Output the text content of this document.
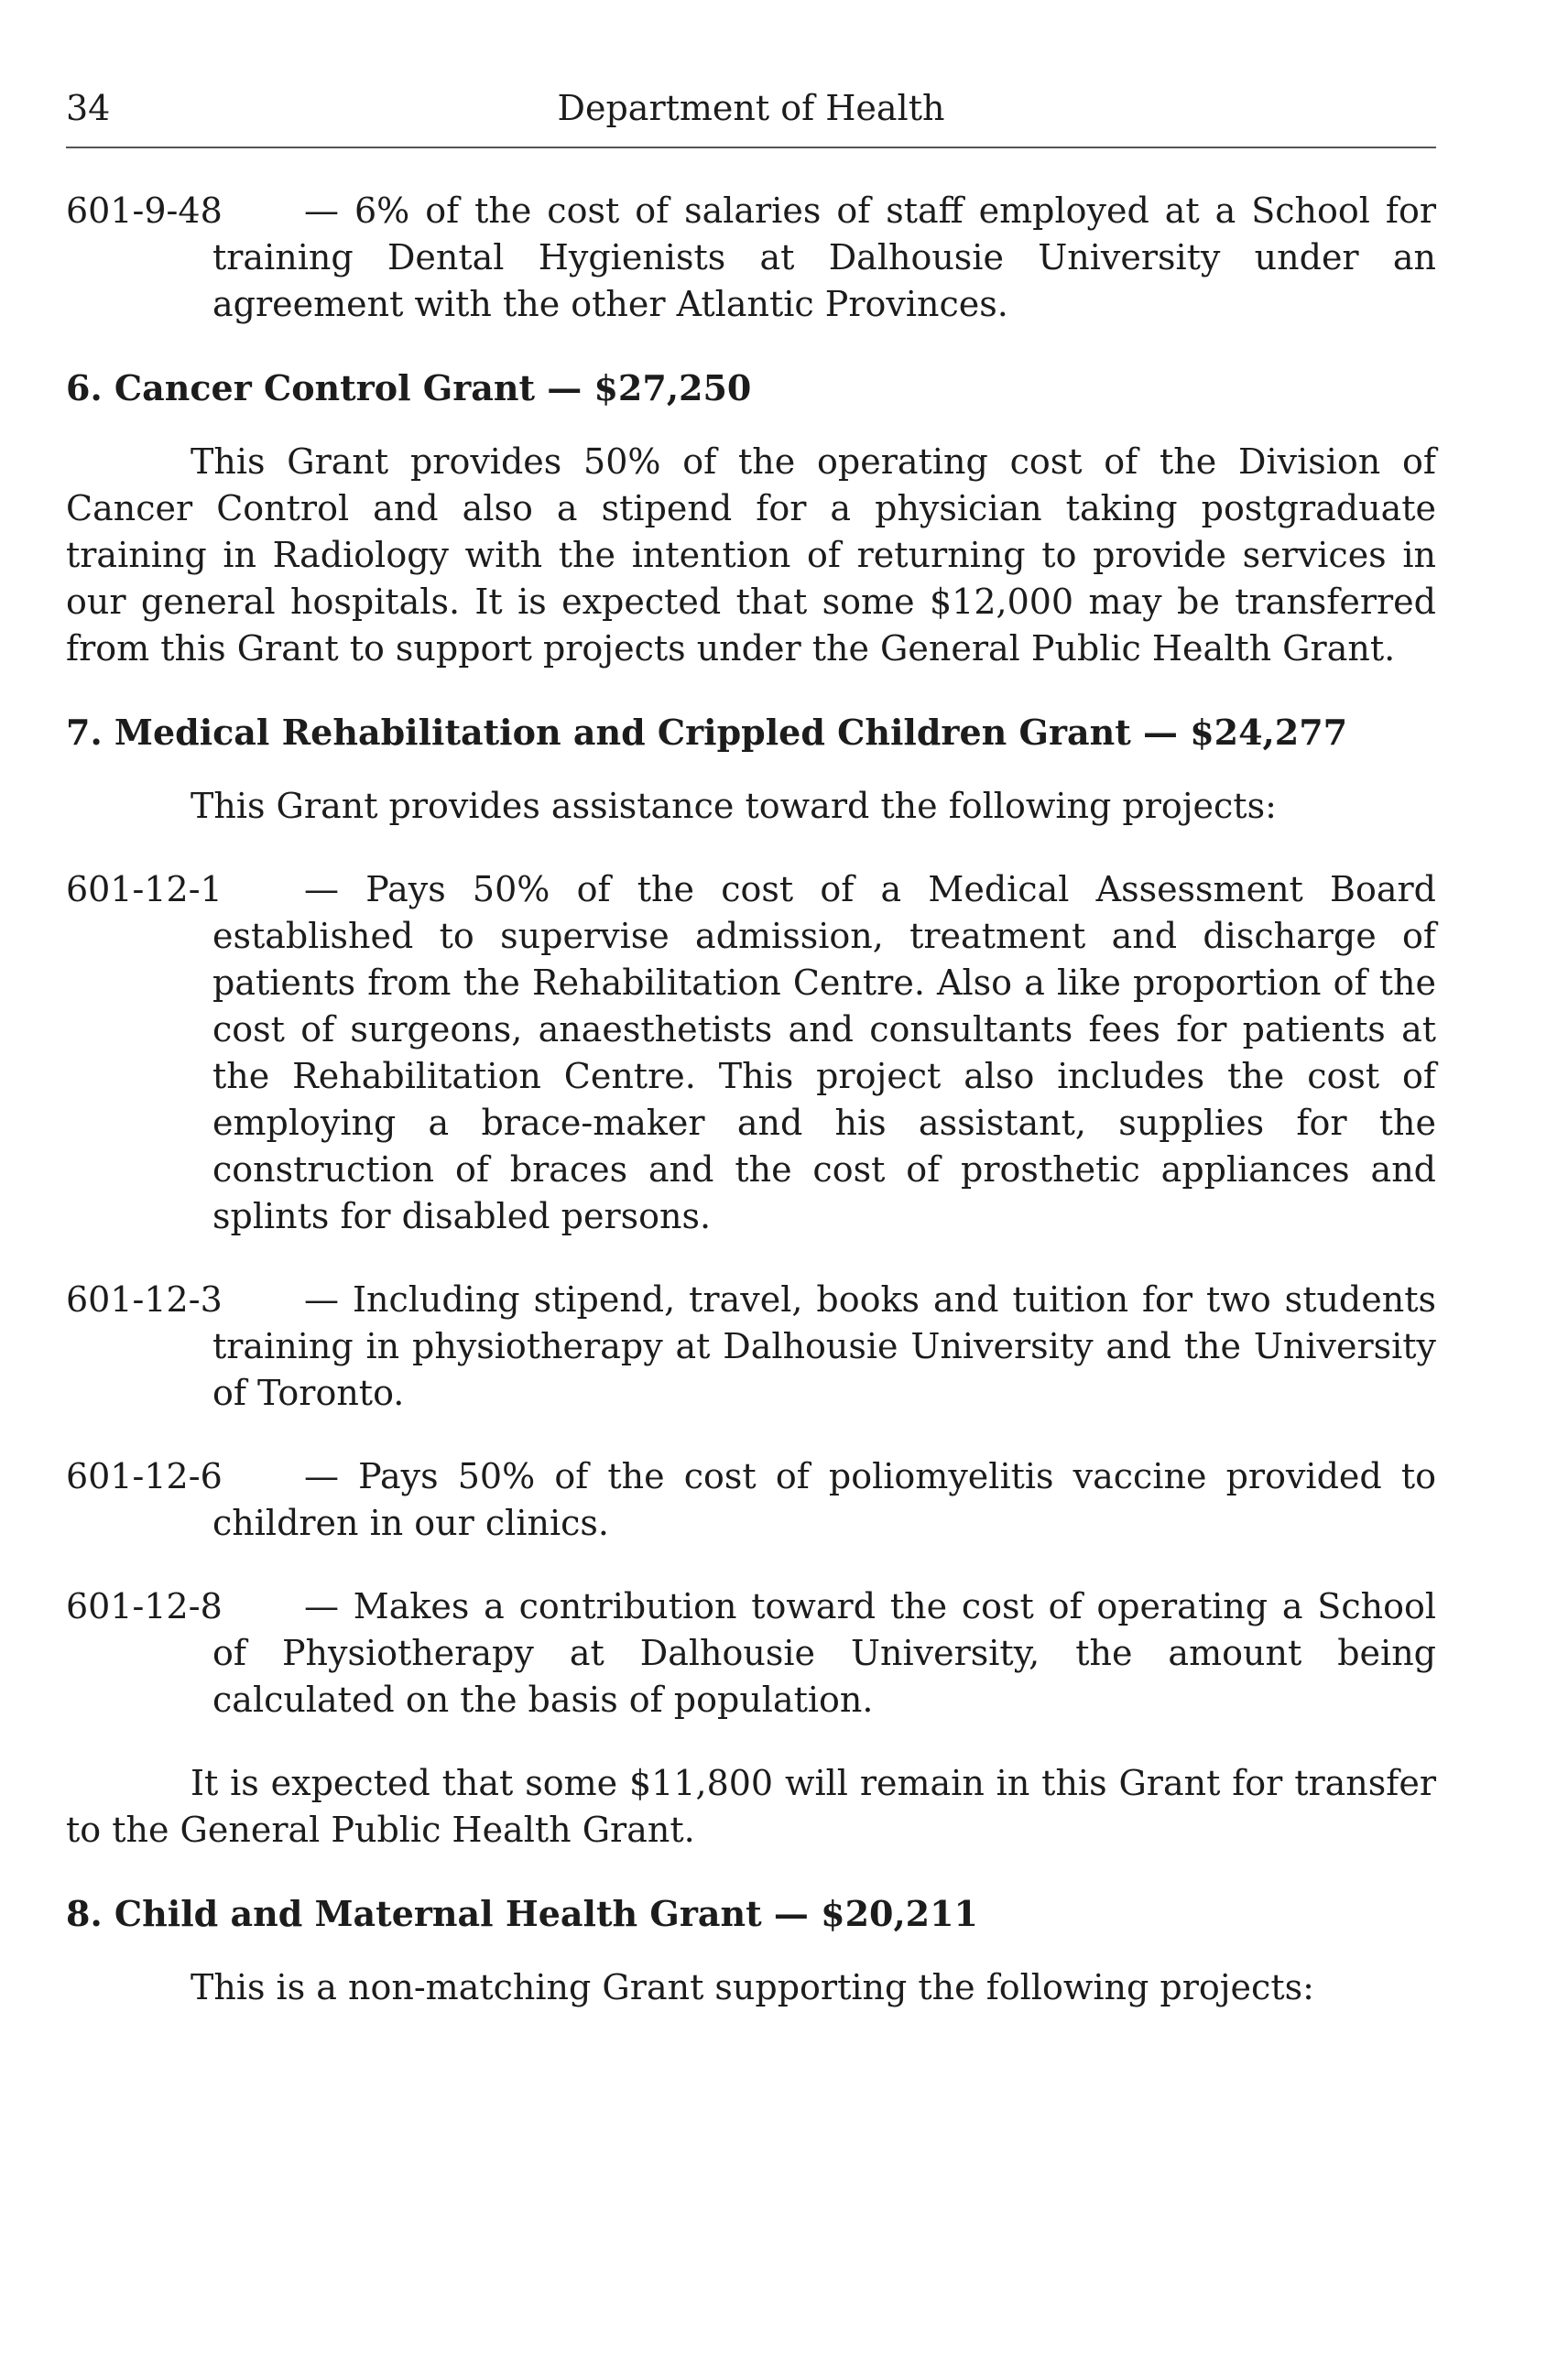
34	Department of Health
601-9-48	— 6% of the cost of salaries of staff employed at a School for training Dental Hygienists at Dalhousie University under an agreement with the other Atlantic Provinces.

6. Cancer Control Grant — $27,250

This Grant provides 50% of the operating cost of the Division of Cancer Control and also a stipend for a physician taking postgraduate training in Radiology with the intention of returning to provide services in our general hospitals. It is expected that some $12,000 may be transferred from this Grant to support projects under the General Public Health Grant.

7. Medical Rehabilitation and Crippled Children Grant — $24,277

This Grant provides assistance toward the following projects:

601-12-1	— Pays 50% of the cost of a Medical Assessment Board established to supervise admission, treatment and discharge of patients from the Rehabilitation Centre. Also a like proportion of the cost of surgeons, anaesthetists and consultants fees for patients at the Rehabilitation Centre. This project also includes the cost of employing a brace-maker and his assistant, supplies for the construction of braces and the cost of prosthetic appliances and splints for disabled persons.
601-12-3	— Including stipend, travel, books and tuition for two students training in physiotherapy at Dalhousie University and the University of Toronto.
601-12-6	— Pays 50% of the cost of poliomyelitis vaccine provided to children in our clinics.
601-12-8	— Makes a contribution toward the cost of operating a School of Physiotherapy at Dalhousie University, the amount being calculated on the basis of population.

It is expected that some $11,800 will remain in this Grant for transfer to the General Public Health Grant.

8. Child and Maternal Health Grant — $20,211

This is a non-matching Grant supporting the following projects:
